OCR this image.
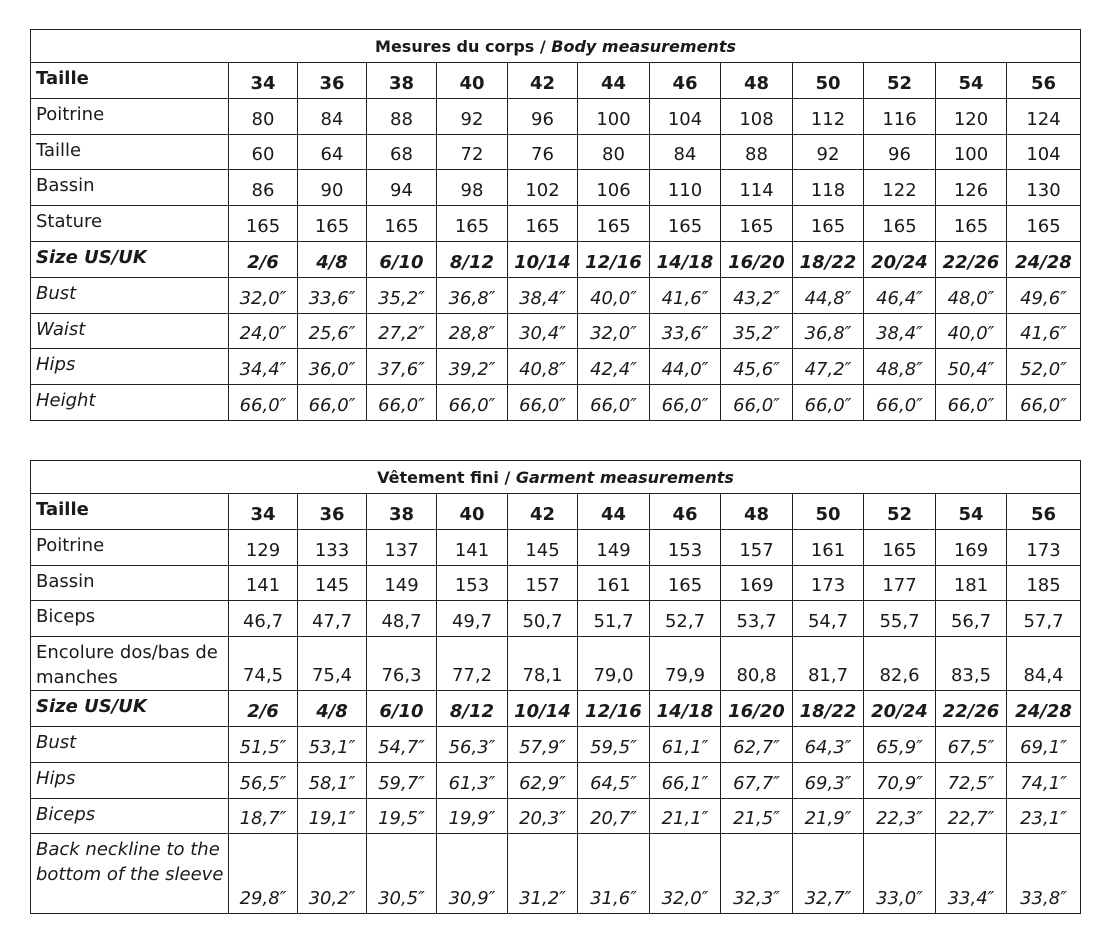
Mesures du corps / Body measurements												
Taille	34	36	38	40	42	44	46	48	50	52	54	56
Poitrine	80	84	88	92	96	100	104	108	112	116	120	124
Taille	60	64	68	72	76	80	84	88	92	96	100	104
Bassin	86	90	94	98	102	106	110	114	118	122	126	130
Stature	165	165	165	165	165	165	165	165	165	165	165	165
Size US/UK	2/6	4/8	6/10	8/12	10/14	12/16	14/18	16/20	18/22	20/24	22/26	24/28
Bust	32,0″	33,6″	35,2″	36,8″	38,4″	40,0″	41,6″	43,2″	44,8″	46,4″	48,0″	49,6″
Waist	24,0″	25,6″	27,2″	28,8″	30,4″	32,0″	33,6″	35,2″	36,8″	38,4″	40,0″	41,6″
Hips	34,4″	36,0″	37,6″	39,2″	40,8″	42,4″	44,0″	45,6″	47,2″	48,8″	50,4″	52,0″
Height	66,0″	66,0″	66,0″	66,0″	66,0″	66,0″	66,0″	66,0″	66,0″	66,0″	66,0″	66,0″
Vêtement fini / Garment measurements												
Taille	34	36	38	40	42	44	46	48	50	52	54	56
Poitrine	129	133	137	141	145	149	153	157	161	165	169	173
Bassin	141	145	149	153	157	161	165	169	173	177	181	185
Biceps	46,7	47,7	48,7	49,7	50,7	51,7	52,7	53,7	54,7	55,7	56,7	57,7
Encolure dos/bas de manches	74,5	75,4	76,3	77,2	78,1	79,0	79,9	80,8	81,7	82,6	83,5	84,4
Size US/UK	2/6	4/8	6/10	8/12	10/14	12/16	14/18	16/20	18/22	20/24	22/26	24/28
Bust	51,5″	53,1″	54,7″	56,3″	57,9″	59,5″	61,1″	62,7″	64,3″	65,9″	67,5″	69,1″
Hips	56,5″	58,1″	59,7″	61,3″	62,9″	64,5″	66,1″	67,7″	69,3″	70,9″	72,5″	74,1″
Biceps	18,7″	19,1″	19,5″	19,9″	20,3″	20,7″	21,1″	21,5″	21,9″	22,3″	22,7″	23,1″
Back neckline to the bottom of the sleeve	29,8″	30,2″	30,5″	30,9″	31,2″	31,6″	32,0″	32,3″	32,7″	33,0″	33,4″	33,8″
